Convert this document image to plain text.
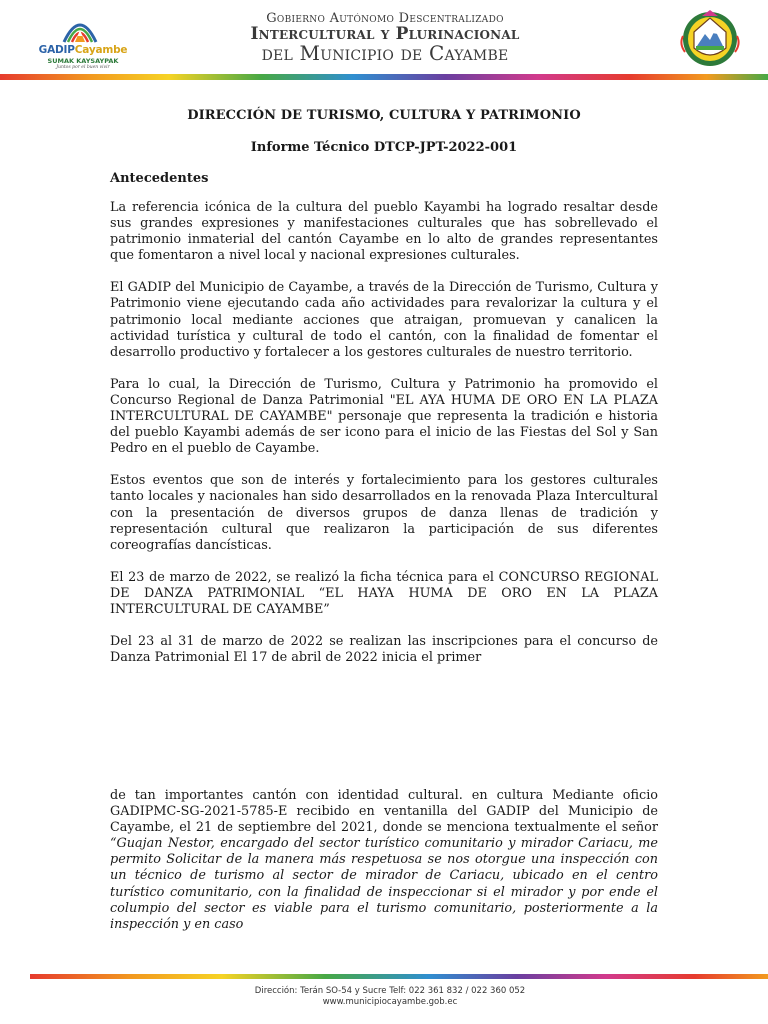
GADIPCayambe
SUMAK KAYSAYPAK
Juntos por el buen vivir
Gobierno Autónomo Descentralizado
Intercultural y Plurinacional
del Municipio de Cayambe
DIRECCIÓN DE TURISMO, CULTURA Y PATRIMONIO
Informe Técnico DTCP-JPT-2022-001
Antecedentes

La referencia icónica de la cultura del pueblo Kayambi ha logrado resaltar desde sus grandes expresiones y manifestaciones culturales que has sobrellevado el patrimonio inmaterial del cantón Cayambe en lo alto de grandes representantes que fomentaron a nivel local y nacional expresiones culturales.

El GADIP del Municipio de Cayambe, a través de la Dirección de Turismo, Cultura y Patrimonio viene ejecutando cada año actividades para revalorizar la cultura y el patrimonio local mediante acciones que atraigan, promuevan y canalicen la actividad turística y cultural de todo el cantón, con la finalidad de fomentar el desarrollo productivo y fortalecer a los gestores culturales de nuestro territorio.

Para lo cual, la Dirección de Turismo, Cultura y Patrimonio ha promovido el Concurso Regional de Danza Patrimonial "EL AYA HUMA DE ORO EN LA PLAZA INTERCULTURAL DE CAYAMBE" personaje que representa la tradición e historia del pueblo Kayambi además de ser icono para el inicio de las Fiestas del Sol y San Pedro en el pueblo de Cayambe.

Estos eventos que son de interés y fortalecimiento para los gestores culturales tanto locales y nacionales han sido desarrollados en la renovada Plaza Intercultural con la presentación de diversos grupos de danza llenas de tradición y representación cultural que realizaron la participación de sus diferentes coreografías dancísticas.

El 23 de marzo de 2022, se realizó la ficha técnica para el CONCURSO REGIONAL DE DANZA PATRIMONIAL “EL HAYA HUMA DE ORO EN LA PLAZA INTERCULTURAL DE CAYAMBE”

Del 23 al 31 de marzo de 2022 se realizan las inscripciones para el concurso de Danza Patrimonial El 17 de abril de 2022 inicia el primer

de tan importantes cantón con identidad cultural. en cultura Mediante oficio GADIPMC-SG-2021-5785-E recibido en ventanilla del GADIP del Municipio de Cayambe, el 21 de septiembre del 2021, donde se menciona textualmente el señor “Guajan Nestor, encargado del sector turístico comunitario y mirador Cariacu, me permito Solicitar de la manera más respetuosa se nos otorgue una inspección con un técnico de turismo al sector de mirador de Cariacu, ubicado en el centro turístico comunitario, con la finalidad de inspeccionar si el mirador y por ende el columpio del sector es viable para el turismo comunitario, posteriormente a la inspección y en caso

Dirección: Terán SO-54 y Sucre Telf: 022 361 832 / 022 360 052
www.municipiocayambe.gob.ec
